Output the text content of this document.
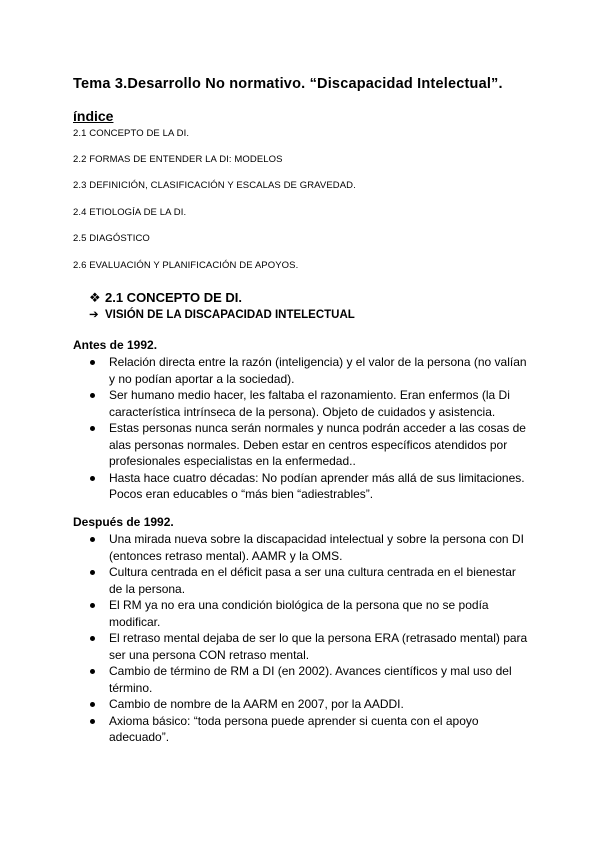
Tema 3.Desarrollo No normativo. “Discapacidad Intelectual”.
índice
2.1 CONCEPTO DE LA DI.
2.2 FORMAS DE ENTENDER LA DI: MODELOS
2.3 DEFINICIÓN, CLASIFICACIÓN Y ESCALAS DE GRAVEDAD.
2.4 ETIOLOGÍA DE LA DI.
2.5 DIAGÓSTICO
2.6 EVALUACIÓN Y PLANIFICACIÓN DE APOYOS.
❖ 2.1 CONCEPTO DE DI.
➔ VISIÓN DE LA DISCAPACIDAD INTELECTUAL
Antes de 1992.
Relación directa entre la razón (inteligencia) y el valor de la persona (no valían y no podían aportar a la sociedad).
Ser humano medio hacer, les faltaba el razonamiento. Eran enfermos (la Di característica intrínseca de la persona). Objeto de cuidados y asistencia.
Estas personas nunca serán normales y nunca podrán acceder a las cosas de alas personas normales. Deben estar en centros específicos atendidos por profesionales especialistas en la enfermedad..
Hasta hace cuatro décadas: No podían aprender más allá de sus limitaciones. Pocos eran educables o “más bien “adiestrables”.
Después de 1992.
Una mirada nueva sobre la discapacidad intelectual y sobre la persona con DI (entonces retraso mental). AAMR y la OMS.
Cultura centrada en el déficit pasa a ser una cultura centrada en el bienestar de la persona.
El RM ya no era una condición biológica de la persona que no se podía modificar.
El retraso mental dejaba de ser lo que la persona ERA (retrasado mental) para ser una persona CON retraso mental.
Cambio de término de RM a DI (en 2002). Avances científicos y mal uso del término.
Cambio de nombre de la AARM en 2007, por la AADDI.
Axioma básico: “toda persona puede aprender si cuenta con el apoyo adecuado”.
